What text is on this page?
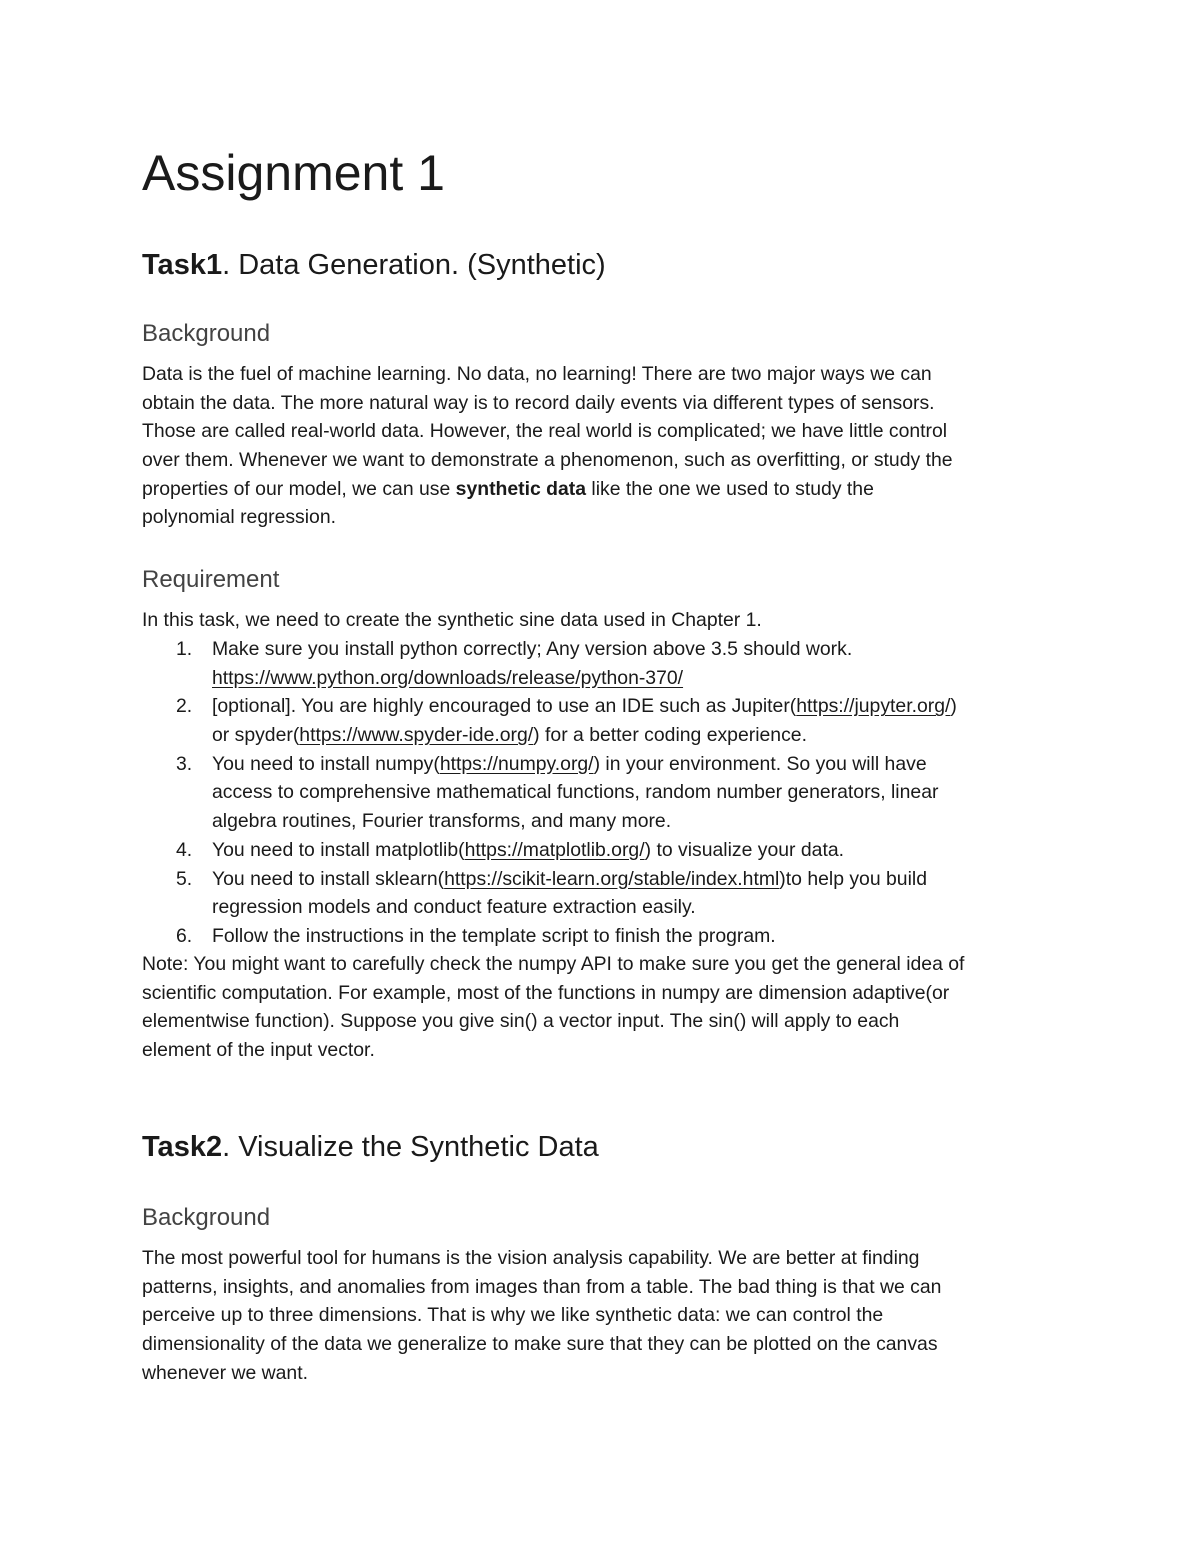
Assignment 1
Task1. Data Generation. (Synthetic)
Background

Data is the fuel of machine learning. No data, no learning! There are two major ways we can
obtain the data. The more natural way is to record daily events via different types of sensors.
Those are called real-world data. However, the real world is complicated; we have little control
over them. Whenever we want to demonstrate a phenomenon, such as overfitting, or study the
properties of our model, we can use synthetic data like the one we used to study the
polynomial regression.

Requirement

In this task, we need to create the synthetic sine data used in Chapter 1.

1. Make sure you install python correctly; Any version above 3.5 should work.
https://www.python.org/downloads/release/python-370/
2. [optional]. You are highly encouraged to use an IDE such as Jupiter(https://jupyter.org/)
or spyder(https://www.spyder-ide.org/) for a better coding experience.
3. You need to install numpy(https://numpy.org/) in your environment. So you will have
access to comprehensive mathematical functions, random number generators, linear
algebra routines, Fourier transforms, and many more.
4. You need to install matplotlib(https://matplotlib.org/) to visualize your data.
5. You need to install sklearn(https://scikit-learn.org/stable/index.html)to help you build
regression models and conduct feature extraction easily.
6. Follow the instructions in the template script to finish the program.

Note: You might want to carefully check the numpy API to make sure you get the general idea of
scientific computation. For example, most of the functions in numpy are dimension adaptive(or
elementwise function). Suppose you give sin() a vector input. The sin() will apply to each
element of the input vector.

Task2. Visualize the Synthetic Data
Background

The most powerful tool for humans is the vision analysis capability. We are better at finding
patterns, insights, and anomalies from images than from a table. The bad thing is that we can
perceive up to three dimensions. That is why we like synthetic data: we can control the
dimensionality of the data we generalize to make sure that they can be plotted on the canvas
whenever we want.
